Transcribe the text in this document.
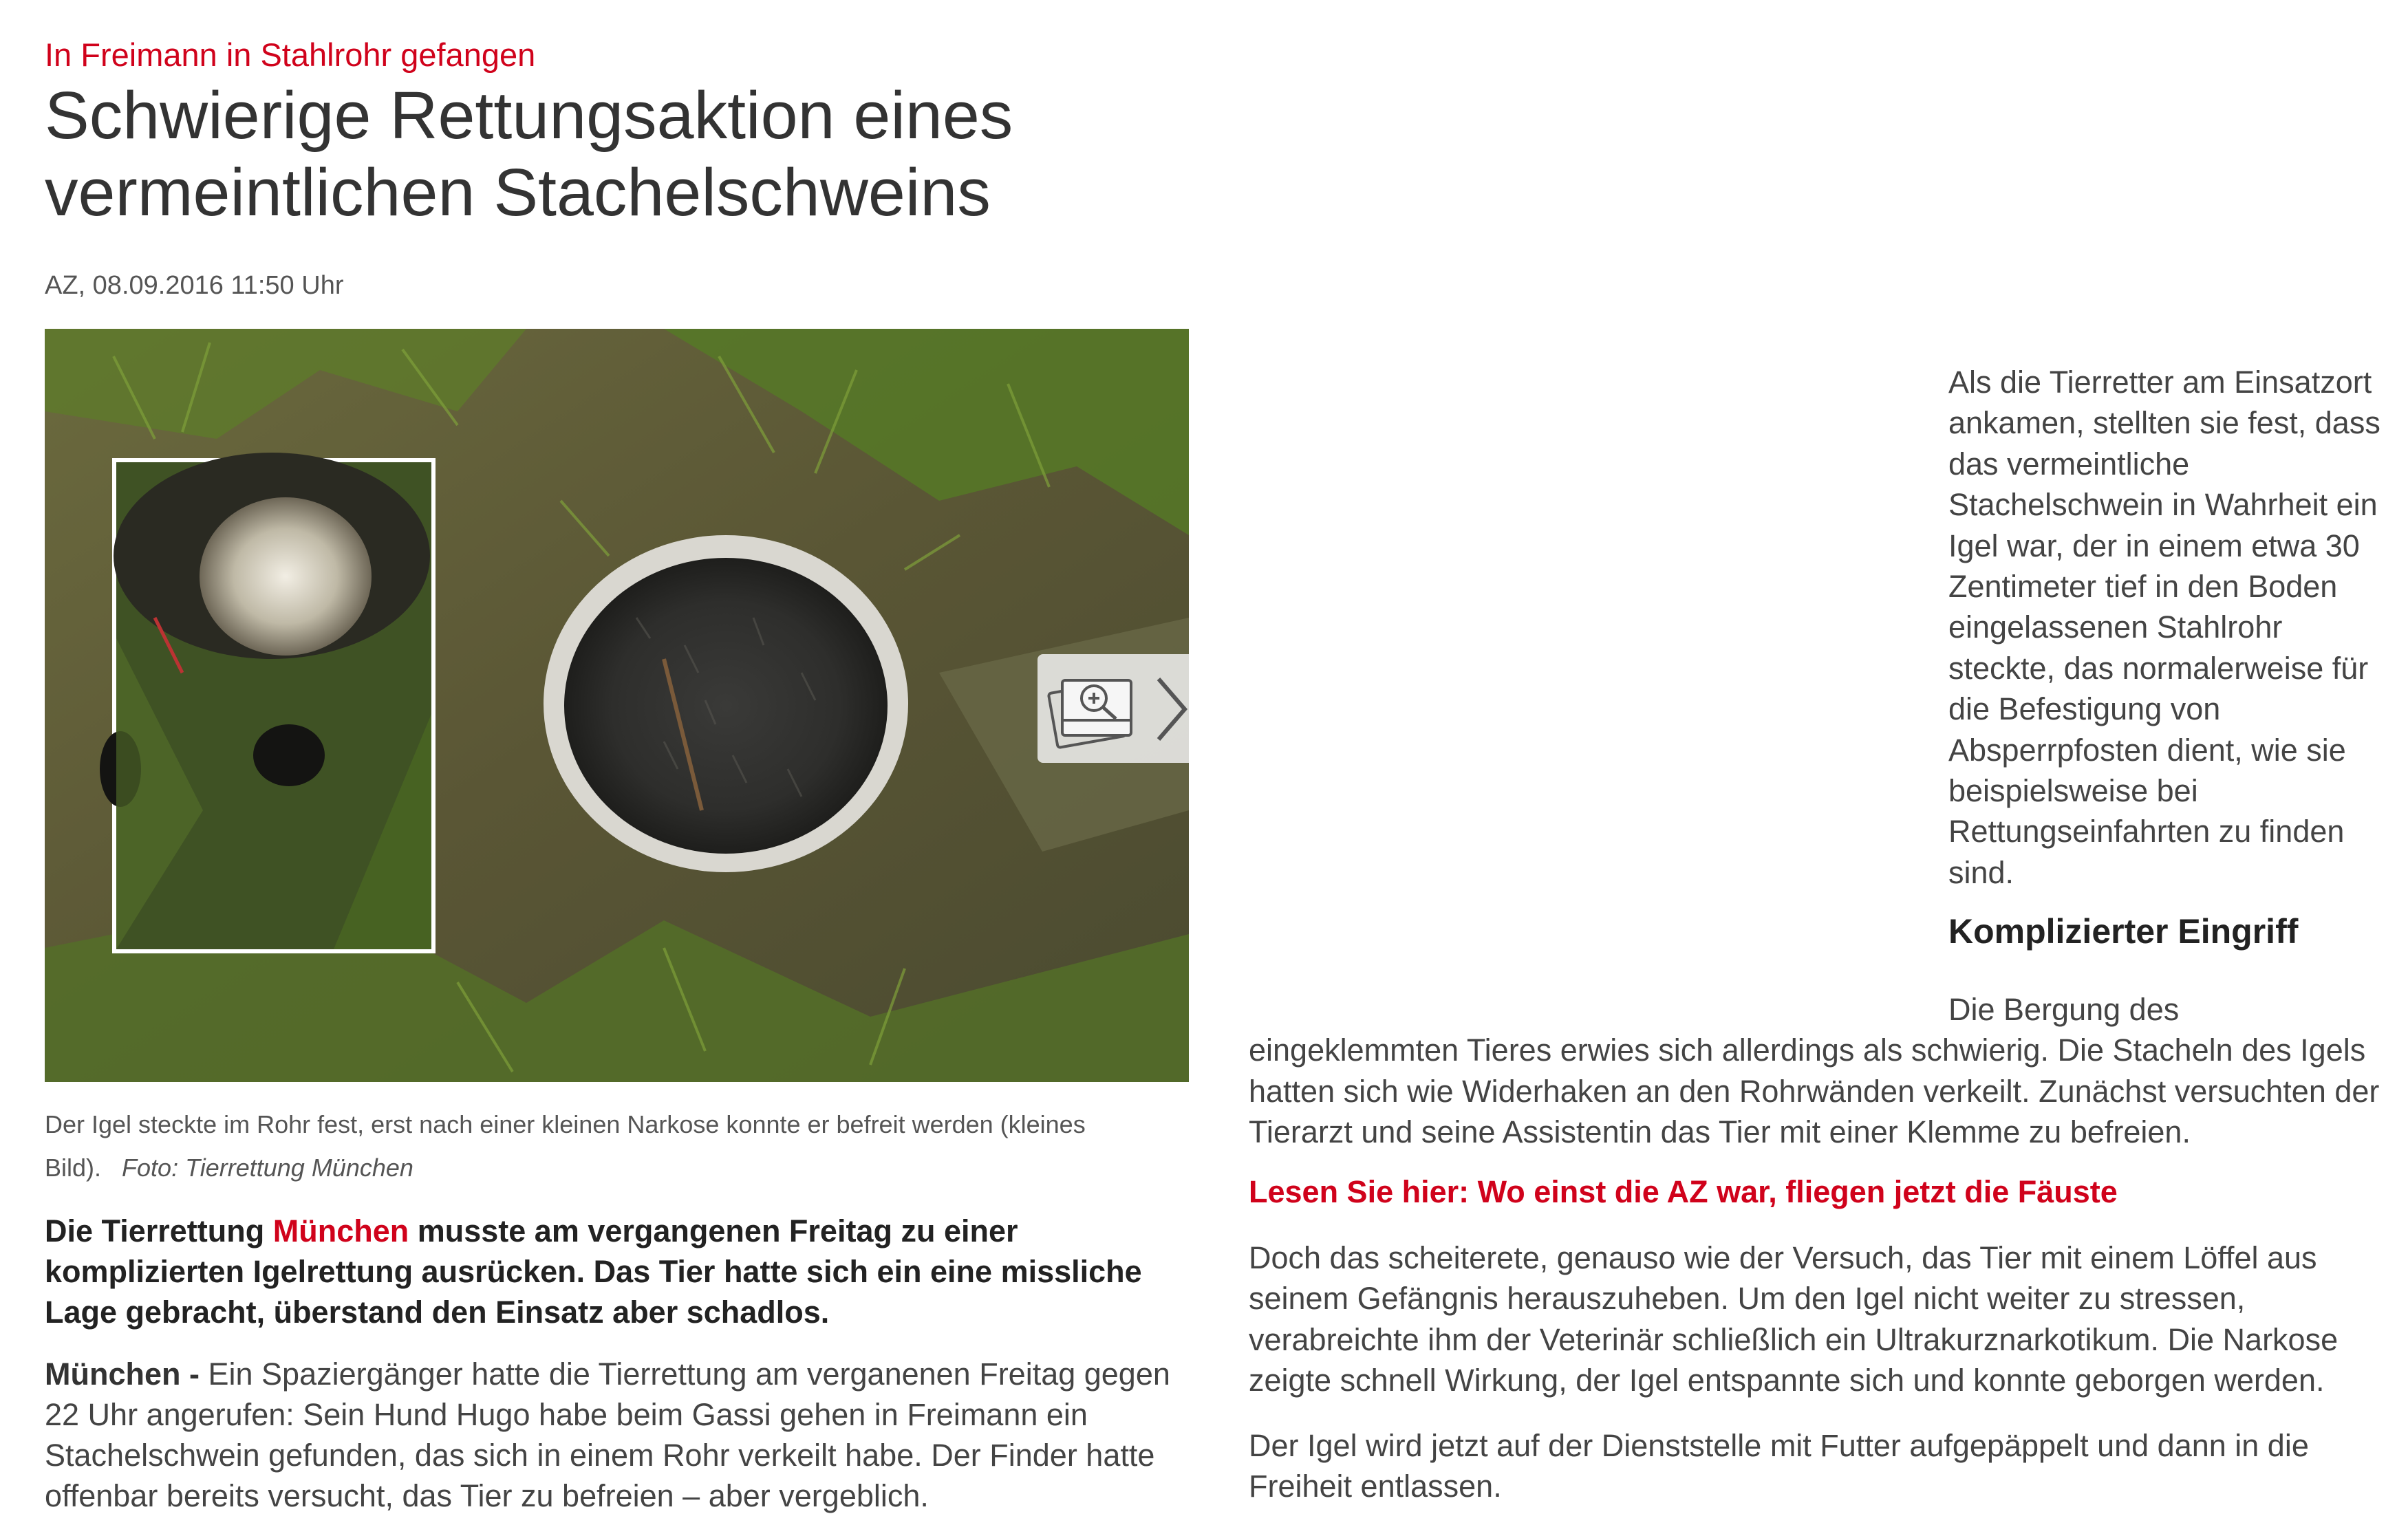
In Freimann in Stahlrohr gefangen
Schwierige Rettungsaktion eines vermeintlichen Stachelschweins
AZ, 08.09.2016 11:50 Uhr
Der Igel steckte im Rohr fest, erst nach einer kleinen Narkose konnte er befreit werden (kleines Bild). Foto: Tierrettung München

Die Tierrettung München musste am vergangenen Freitag zu einer komplizierten Igelrettung ausrücken. Das Tier hatte sich ein eine missliche Lage gebracht, überstand den Einsatz aber schadlos.

München - Ein Spaziergänger hatte die Tierrettung am verganenen Freitag gegen 22 Uhr angerufen: Sein Hund Hugo habe beim Gassi gehen in Freimann ein Stachelschwein gefunden, das sich in einem Rohr verkeilt habe. Der Finder hatte offenbar bereits versucht, das Tier zu befreien – aber vergeblich.

Als die Tierretter am Einsatzort ankamen, stellten sie fest, dass das vermeintliche Stachelschwein in Wahrheit ein Igel war, der in einem etwa 30 Zentimeter tief in den Boden eingelassenen Stahlrohr steckte, das normalerweise für die Befestigung von Absperrpfosten dient, wie sie beispielsweise bei Rettungseinfahrten zu finden sind.

Komplizierter Eingriff

Die Bergung des
eingeklemmten Tieres erwies sich allerdings als schwierig. Die Stacheln des Igels hatten sich wie Widerhaken an den Rohrwänden verkeilt. Zunächst versuchten der Tierarzt und seine Assistentin das Tier mit einer Klemme zu befreien.

Lesen Sie hier: Wo einst die AZ war, fliegen jetzt die Fäuste

Doch das scheiterete, genauso wie der Versuch, das Tier mit einem Löffel aus seinem Gefängnis herauszuheben. Um den Igel nicht weiter zu stressen, verabreichte ihm der Veterinär schließlich ein Ultrakurznarkotikum. Die Narkose zeigte schnell Wirkung, der Igel entspannte sich und konnte geborgen werden.

Der Igel wird jetzt auf der Dienststelle mit Futter aufgepäppelt und dann in die Freiheit entlassen.
